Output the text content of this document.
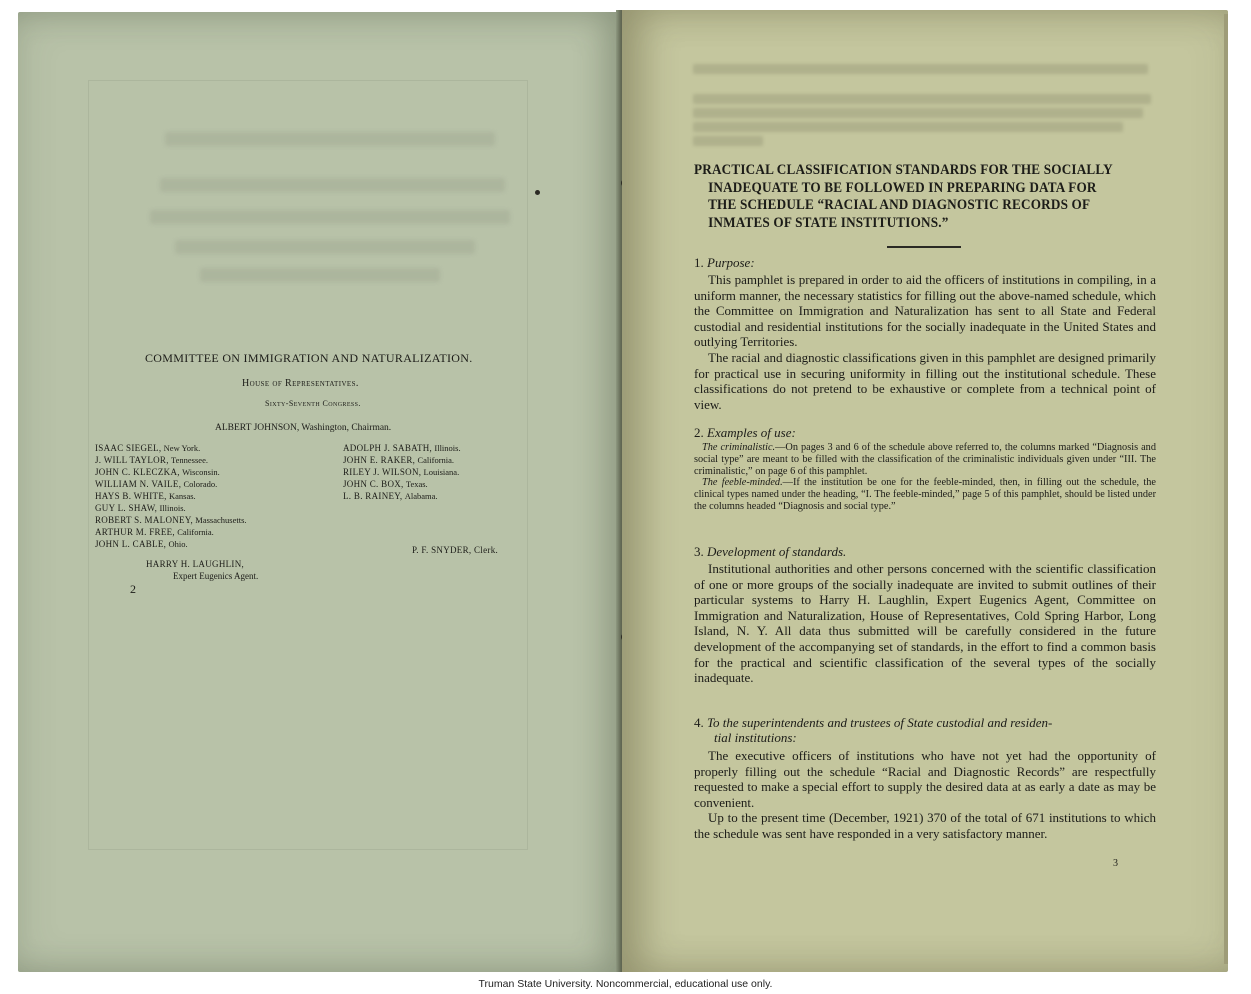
COMMITTEE ON IMMIGRATION AND NATURALIZATION.
House of Representatives.
Sixty-Seventh Congress.
ALBERT JOHNSON, Washington, Chairman.
ISAAC SIEGEL, New York.
J. WILL TAYLOR, Tennessee.
JOHN C. KLECZKA, Wisconsin.
WILLIAM N. VAILE, Colorado.
HAYS B. WHITE, Kansas.
GUY L. SHAW, Illinois.
ROBERT S. MALONEY, Massachusetts.
ARTHUR M. FREE, California.
JOHN L. CABLE, Ohio.
ADOLPH J. SABATH, Illinois.
JOHN E. RAKER, California.
RILEY J. WILSON, Louisiana.
JOHN C. BOX, Texas.
L. B. RAINEY, Alabama.
P. F. SNYDER, Clerk.
HARRY H. LAUGHLIN,
Expert Eugenics Agent.
2
PRACTICAL CLASSIFICATION STANDARDS FOR THE SOCIALLY
INADEQUATE TO BE FOLLOWED IN PREPARING DATA FOR
THE SCHEDULE “RACIAL AND DIAGNOSTIC RECORDS OF
INMATES OF STATE INSTITUTIONS.”
1. Purpose:

This pamphlet is prepared in order to aid the officers of institutions in compiling, in a uniform manner, the necessary statistics for filling out the above-named schedule, which the Committee on Immigration and Naturalization has sent to all State and Federal custodial and residential institutions for the socially inadequate in the United States and outlying Territories.

The racial and diagnostic classifications given in this pamphlet are designed primarily for practical use in securing uniformity in filling out the institutional schedule. These classifications do not pretend to be exhaustive or complete from a technical point of view.

2. Examples of use:

The criminalistic.—On pages 3 and 6 of the schedule above referred to, the columns marked “Diagnosis and social type” are meant to be filled with the classification of the criminalistic individuals given under “III. The criminalistic,” on page 6 of this pamphlet.

The feeble-minded.—If the institution be one for the feeble-minded, then, in filling out the schedule, the clinical types named under the heading, “I. The feeble-minded,” page 5 of this pamphlet, should be listed under the columns headed “Diagnosis and social type.”

3. Development of standards.

Institutional authorities and other persons concerned with the scientific classification of one or more groups of the socially inadequate are invited to submit outlines of their particular systems to Harry H. Laughlin, Expert Eugenics Agent, Committee on Immigration and Naturalization, House of Representatives, Cold Spring Harbor, Long Island, N. Y. All data thus submitted will be carefully considered in the future development of the accompanying set of standards, in the effort to find a common basis for the practical and scientific classification of the several types of the socially inadequate.

4. To the superintendents and trustees of State custodial and residen-
tial institutions:

The executive officers of institutions who have not yet had the opportunity of properly filling out the schedule “Racial and Diagnostic Records” are respectfully requested to make a special effort to supply the desired data at as early a date as may be convenient.

Up to the present time (December, 1921) 370 of the total of 671 institutions to which the schedule was sent have responded in a very satisfactory manner.

3
Truman State University. Noncommercial, educational use only.
